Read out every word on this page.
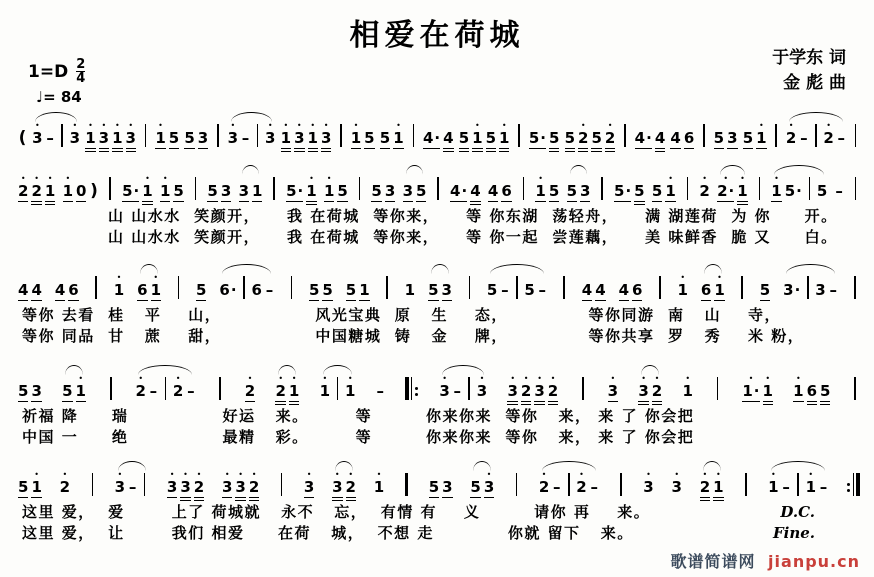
相爱在荷城
于学东 词
金 彪 曲
$1=D \frac{2}{4}$
♩= 84
(
•
3 –
•
3
•
1
•
3
•
1
•
3
•
1 5 5 3
•
3 –
•
3
•
1
•
3
•
1
•
3
•
1 5 5
•
1 4· 4 5
•
1 5
•
1 5· 5 5
•
2 5
•
2 4· 4 4 6 5 3 5
•
1
•
2 –
•
2 –
•
2
•
2
•
1
•
1 0 ) 5·
•
1
•
1 5 5 3 3 1 5·
•
1
•
1 5 5 3 3 5 4· 4 4 6
•
1 5 5 3 5· 5 5
•
1
•
2
•
2·
•
1
•
1 5· 5 –
山 山水水  笑颜开，    我 在荷城  等你来，    等 你东湖  荡轻舟，    满 湖莲荷  为 你     开。
山 山水水  笑颜开，    我 在荷城  等你来，    等 你一起  尝莲藕，    美 味鲜香  脆 又     白。
4 4 4 6
•
1 6
•
1 5 6· 6 – 5 5 5 1 1 5 3 5 – 5 – 4 4 4 6
•
1 6
•
1 5 3· 3 –
等你 去看  桂   平    山，              风光宝典  原   生    态，            等你同游  南   山    寺，
等你 同品  甘   蔗    甜，              中国糖城  铸   金    牌，            等你共享  罗   秀    米 粉，
5 3 5
•
1
•
2 –
•
2 –
•
2
•
2
•
1
•
1
•
1 –
•
3 –
•
3
•
3
•
2
•
3
•
2
•
3
•
3
•
2
•
1
•
1·
•
1
•
1 6 5
祈福 降     瑞              好运   来。       等        你来你来  等你   来， 来 了 你会把
中国 一     绝              最精   彩。       等        你来你来  等你   来， 来 了 你会把
5
•
1
•
2
•
3 –
•
3
•
3
•
2
•
3
•
3
•
2
•
3
•
3
•
2
•
1	5 3 5
•
3
•
2 –
•
2 –
•
3
•
3
•
2
•
1
•
1 –
•
1 –
这里 爱，  爱       上了 荷城就   永不   忘，  有情 有    义        请你 再    来。	D.C.
这里 爱，  让       我们 相爱     在荷   城，  不想 走           你就 留下   来。	Fine.
歌谱简谱网 jianpu.cn
